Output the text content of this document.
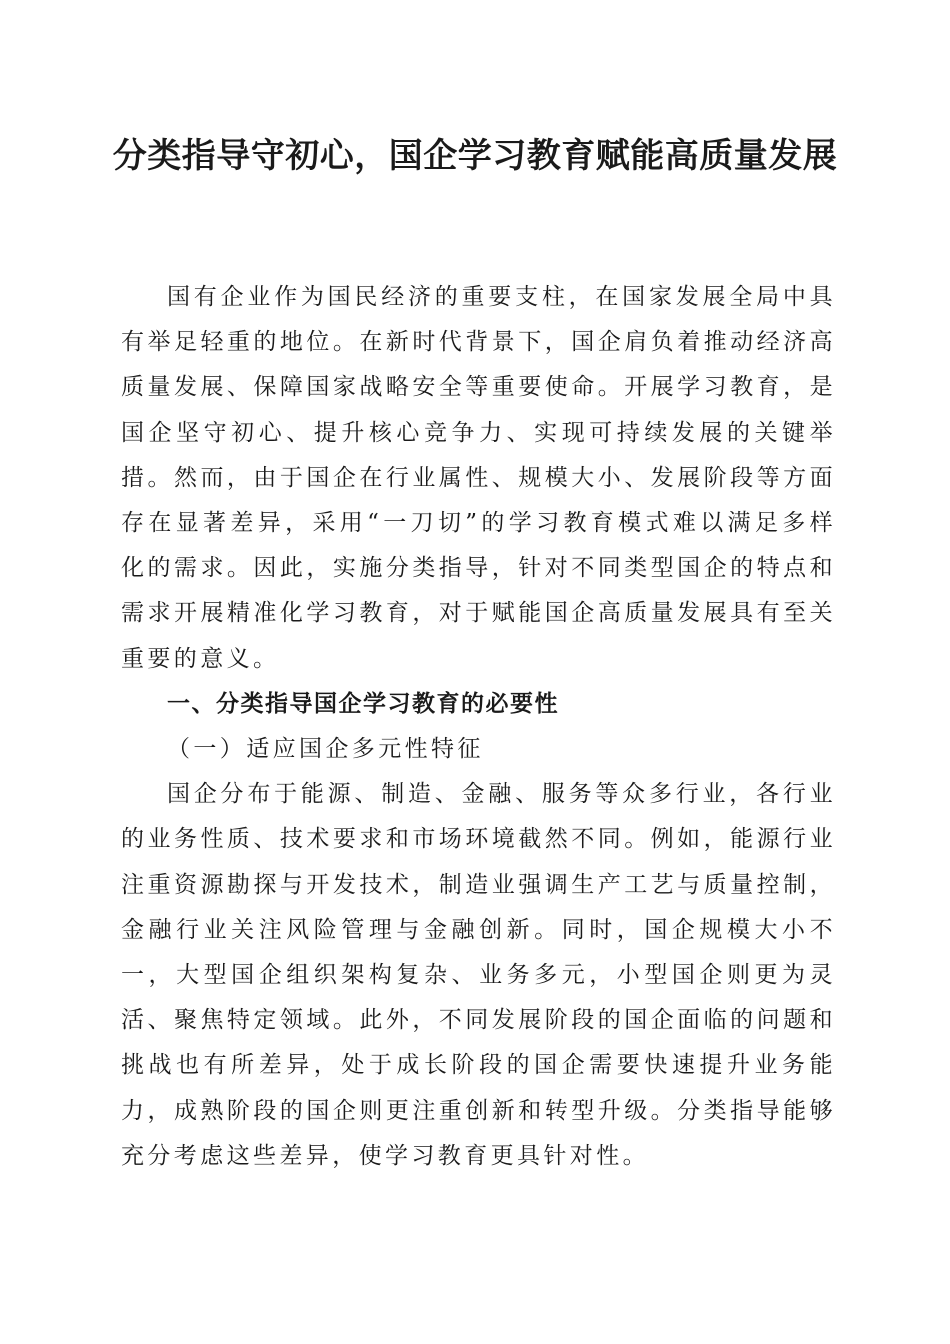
分类指导守初心，国企学习教育赋能高质量发展

国有企业作为国民经济的重要支柱，在国家发展全局中具有举足轻重的地位。在新时代背景下，国企肩负着推动经济高质量发展、保障国家战略安全等重要使命。开展学习教育，是国企坚守初心、提升核心竞争力、实现可持续发展的关键举措。然而，由于国企在行业属性、规模大小、发展阶段等方面存在显著差异，采用“一刀切”的学习教育模式难以满足多样化的需求。因此，实施分类指导，针对不同类型国企的特点和需求开展精准化学习教育，对于赋能国企高质量发展具有至关重要的意义。

一、分类指导国企学习教育的必要性

（一）适应国企多元性特征

国企分布于能源、制造、金融、服务等众多行业，各行业的业务性质、技术要求和市场环境截然不同。例如，能源行业注重资源勘探与开发技术，制造业强调生产工艺与质量控制，金融行业关注风险管理与金融创新。同时，国企规模大小不一，大型国企组织架构复杂、业务多元，小型国企则更为灵活、聚焦特定领域。此外，不同发展阶段的国企面临的问题和挑战也有所差异，处于成长阶段的国企需要快速提升业务能力，成熟阶段的国企则更注重创新和转型升级。分类指导能够充分考虑这些差异，使学习教育更具针对性。
